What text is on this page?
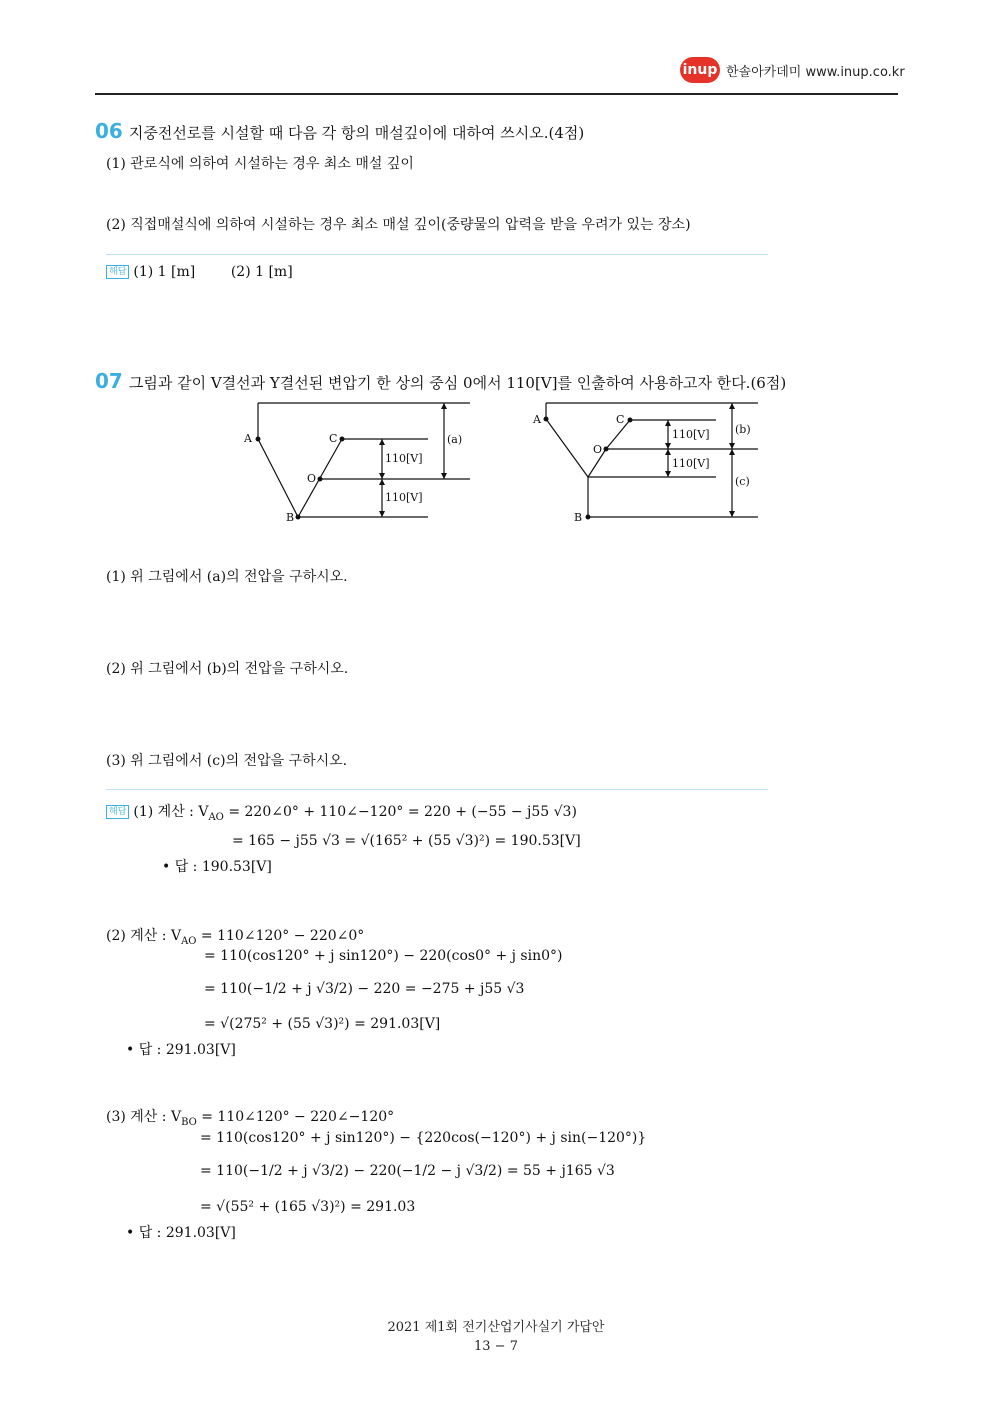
inup 한솔아카데미 www.inup.co.kr
06 지중전선로를 시설할 때 다음 각 항의 매설깊이에 대하여 쓰시오.(4점)
(1) 관로식에 의하여 시설하는 경우 최소 매설 깊이
(2) 직접매설식에 의하여 시설하는 경우 최소 매설 깊이(중량물의 압력을 받을 우려가 있는 장소)
해답 (1) 1 [m]        (2) 1 [m]
07 그림과 같이 V결선과 Y결선된 변압기 한 상의 중심 0에서 110[V]를 인출하여 사용하고자 한다.(6점)
A
B
C
O
110[V]
110[V]
(a)
A
B
C
O
110[V]
110[V]
(b)
(c)
(1) 위 그림에서 (a)의 전압을 구하시오.
(2) 위 그림에서 (b)의 전압을 구하시오.
(3) 위 그림에서 (c)의 전압을 구하시오.
해답 (1) 계산 : $V_{AO}$ = 220∠0° + 110∠−120° = 220 + (−55 − j55 √3)
= 165 − j55 √3 = √(165² + (55 √3)²) = 190.53[V]
• 답 : 190.53[V]
(2) 계산 : $V_{AO}$ = 110∠120° − 220∠0°
= 110(cos120° + j sin120°) − 220(cos0° + j sin0°)
= 110(−1/2 + j √3/2) − 220 = −275 + j55 √3
= √(275² + (55 √3)²) = 291.03[V]
• 답 : 291.03[V]
(3) 계산 : $V_{BO}$ = 110∠120° − 220∠−120°
= 110(cos120° + j sin120°) − {220cos(−120°) + j sin(−120°)}
= 110(−1/2 + j √3/2) − 220(−1/2 − j √3/2) = 55 + j165 √3
= √(55² + (165 √3)²) = 291.03
• 답 : 291.03[V]
2021 제1회 전기산업기사실기 가답안
13 − 7
